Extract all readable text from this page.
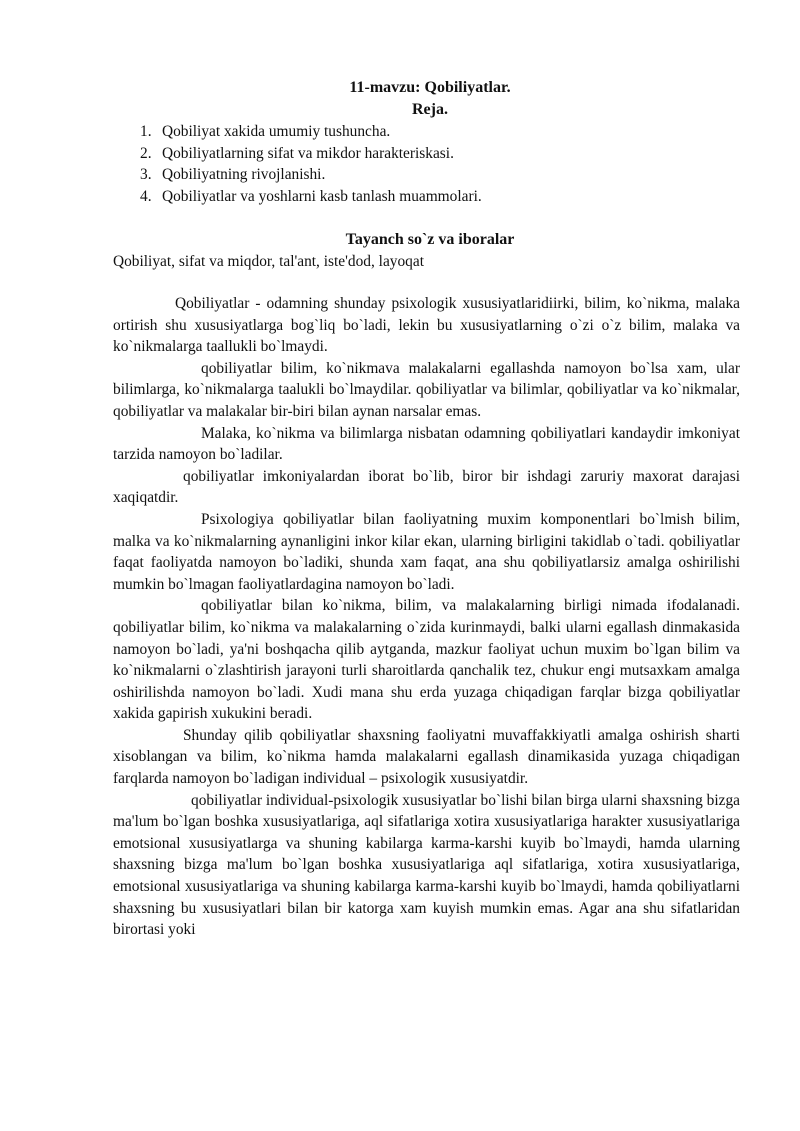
11-mavzu: Qobiliyatlar.
Reja.
1. Qobiliyat xakida umumiy tushuncha.
2. Qobiliyatlarning sifat va mikdor harakteriskasi.
3. Qobiliyatning rivojlanishi.
4. Qobiliyatlar va yoshlarni kasb tanlash muammolari.
Tayanch so`z va iboralar
Qobiliyat, sifat va miqdor, tal'ant, iste'dod, layoqat

Qobiliyatlar - odamning shunday psixologik xususiyatlaridiirki, bilim, ko`nikma, malaka ortirish shu xususiyatlarga bog`liq bo`ladi, lekin bu xususiyatlarning o`zi o`z bilim, malaka va ko`nikmalarga taallukli bo`lmaydi.

qobiliyatlar bilim, ko`nikmava malakalarni egallashda namoyon bo`lsa xam, ular bilimlarga, ko`nikmalarga taalukli bo`lmaydilar. qobiliyatlar va bilimlar, qobiliyatlar va ko`nikmalar, qobiliyatlar va malakalar bir-biri bilan aynan narsalar emas.

Malaka, ko`nikma va bilimlarga nisbatan odamning qobiliyatlari kandaydir imkoniyat tarzida namoyon bo`ladilar.

qobiliyatlar imkoniyalardan iborat bo`lib, biror bir ishdagi zaruriy maxorat darajasi xaqiqatdir.

Psixologiya qobiliyatlar bilan faoliyatning muxim komponentlari bo`lmish bilim, malka va ko`nikmalarning aynanligini inkor kilar ekan, ularning birligini takidlab o`tadi. qobiliyatlar faqat faoliyatda namoyon bo`ladiki, shunda xam faqat, ana shu qobiliyatlarsiz amalga oshirilishi mumkin bo`lmagan faoliyatlardagina namoyon bo`ladi.

qobiliyatlar bilan ko`nikma, bilim, va malakalarning birligi nimada ifodalanadi. qobiliyatlar bilim, ko`nikma va malakalarning o`zida kurinmaydi, balki ularni egallash dinmakasida namoyon bo`ladi, ya'ni boshqacha qilib aytganda, mazkur faoliyat uchun muxim bo`lgan bilim va ko`nikmalarni o`zlashtirish jarayoni turli sharoitlarda qanchalik tez, chukur engi mutsaxkam amalga oshirilishda namoyon bo`ladi. Xudi mana shu erda yuzaga chiqadigan farqlar bizga qobiliyatlar xakida gapirish xukukini beradi.

Shunday qilib qobiliyatlar shaxsning faoliyatni muvaffakkiyatli amalga oshirish sharti xisoblangan va bilim, ko`nikma hamda malakalarni egallash dinamikasida yuzaga chiqadigan farqlarda namoyon bo`ladigan individual – psixologik xususiyatdir.

qobiliyatlar individual-psixologik xususiyatlar bo`lishi bilan birga ularni shaxsning bizga ma'lum bo`lgan boshka xususiyatlariga, aql sifatlariga xotira xususiyatlariga harakter xususiyatlariga emotsional xususiyatlarga va shuning kabilarga karma-karshi kuyib bo`lmaydi, hamda ularning shaxsning bizga ma'lum bo`lgan boshka xususiyatlariga aql sifatlariga, xotira xususiyatlariga, emotsional xususiyatlariga va shuning kabilarga karma-karshi kuyib bo`lmaydi, hamda qobiliyatlarni shaxsning bu xususiyatlari bilan bir katorga xam kuyish mumkin emas. Agar ana shu sifatlaridan birortasi yoki
